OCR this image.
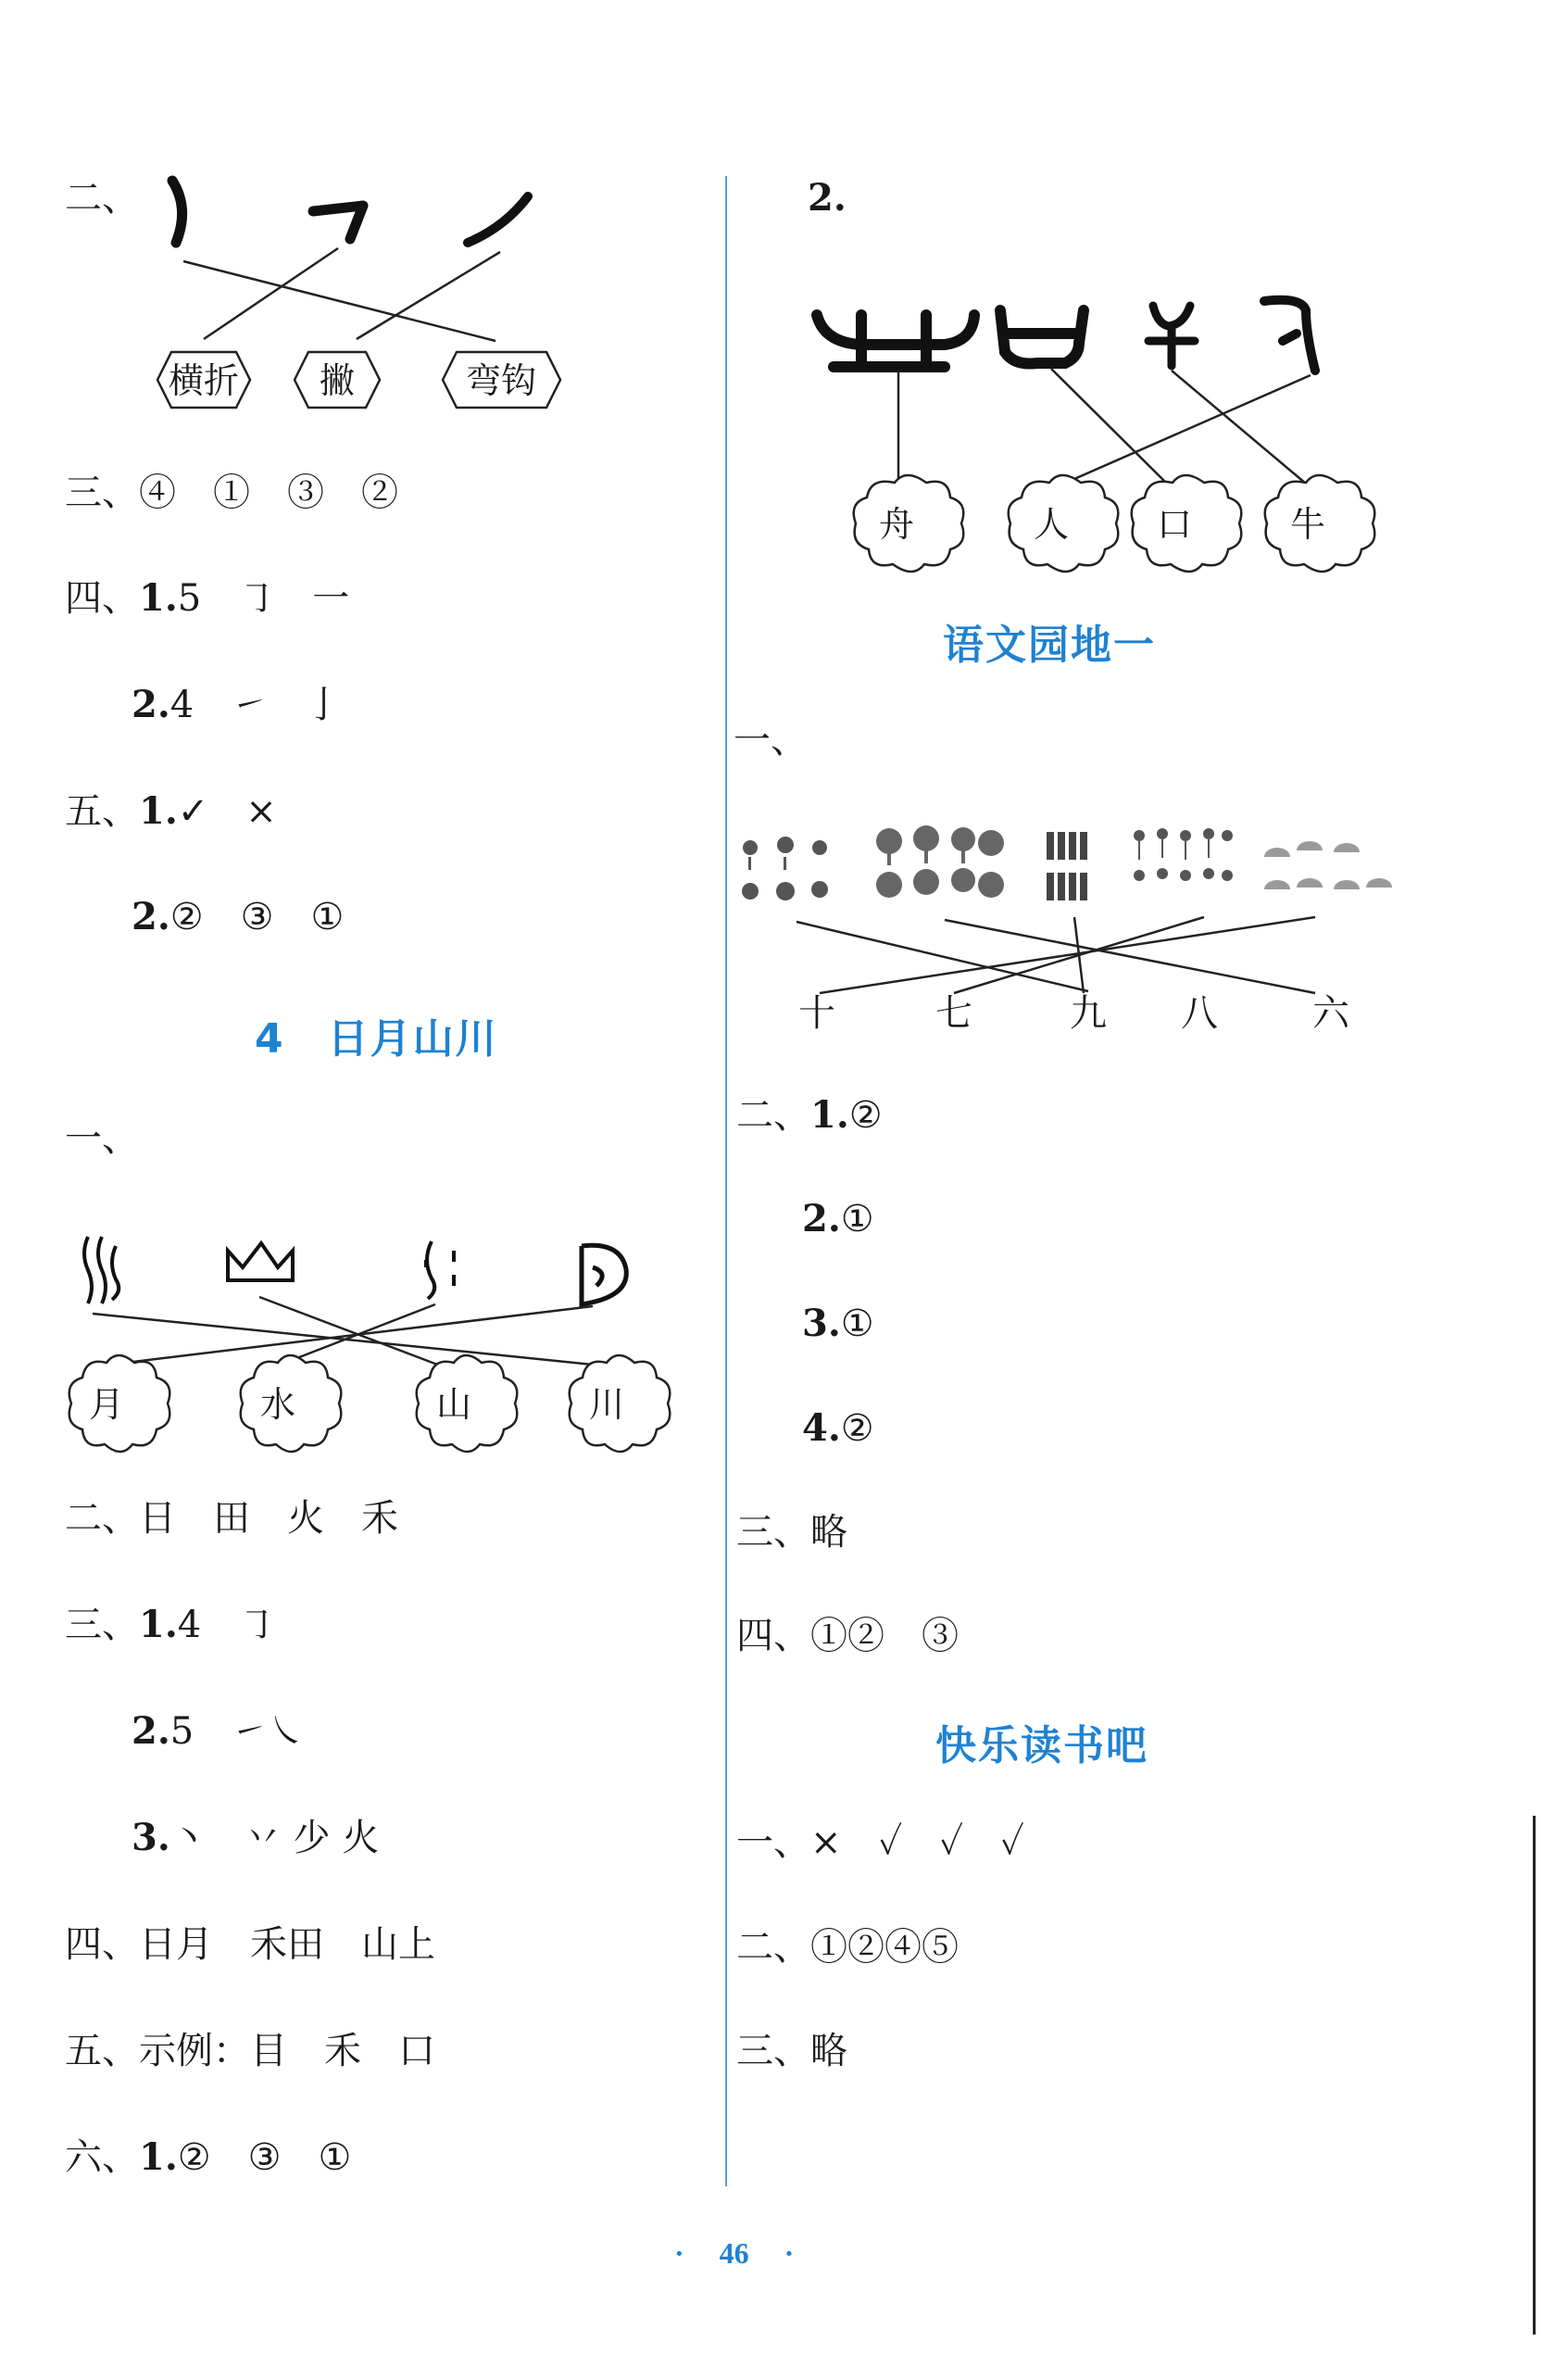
二、
横折 撇	弯钩
三、④　①　③　②
四、1.5　㇆　一
2.4　㇀　亅
五、1.✓　×
2.②　③　①
4　日月山川
一、
月	水	山	川
二、日　田　火　禾
三、1.4　㇆
2.5　㇀㇏
3.丶　丷 少 火
四、日月　禾田　山上
五、示例：目　禾　口
六、1.②　③　①
2.
舟	人 口	牛
语文园地一
一、
十	七	九 八	六
二、1.②
2.①
3.①
4.②
三、略
四、①②　③
快乐读书吧
一、×　✓　✓　✓
二、①②④⑤
三、略
· 46 ·
